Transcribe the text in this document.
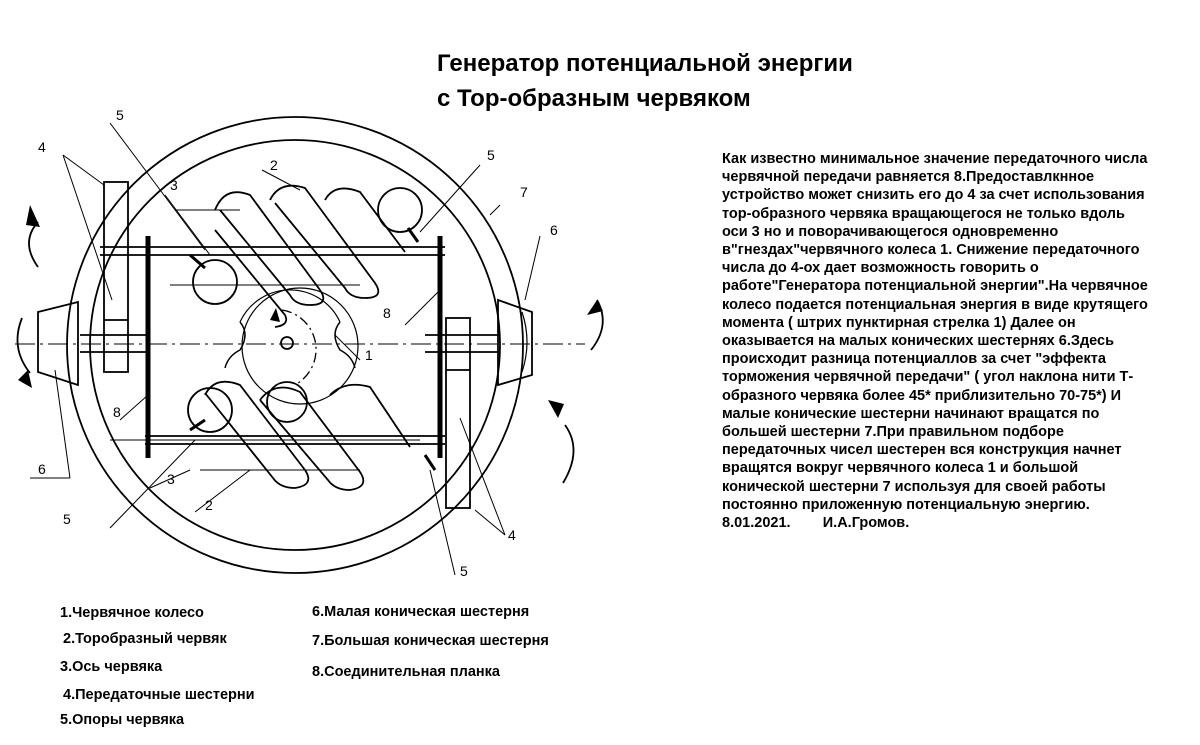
5
4
2
3
5
7
6
8
1
8
6
3
2
5
4
5
Генератор потенциальной энергии
с Тор-образным червяком
Как известно минимальное значение передаточного числа
червячной передачи равняется 8.Предоставлкнное
устройство может снизить его до 4 за счет использования
тор-образного червяка вращающегося не только вдоль
оси 3 но и поворачивающегося одновременно
в"гнездах"червячного колеса 1. Снижение передаточного
числа до 4-ох дает возможность говорить о
работе"Генератора потенциальной энергии".На червячное
колесо подается потенциальная энергия в виде крутящего
момента ( штрих пунктирная стрелка 1) Далее он
оказывается на малых конических шестернях 6.Здесь
происходит разница потенциаллов за счет "эффекта
торможения червячной передачи" ( угол наклона нити Т-
образного червяка более 45* приблизительно 70-75*) И
малые конические шестерни начинают вращатся по
большей шестерни 7.При правильном подборе
передаточных чисел шестерен вся конструкция начнет
вращятся вокруг червячного колеса 1 и большой
конической шестерни 7 используя для своей работы
постоянно приложенную потенциальную энергию.
8.01.2021.        И.А.Громов.
1.Червячное колесо
2.Торобразный червяк
3.Ось червяка
4.Передаточные шестерни
5.Опоры червяка
6.Малая коническая шестерня
7.Большая коническая шестерня
8.Соединительная планка
